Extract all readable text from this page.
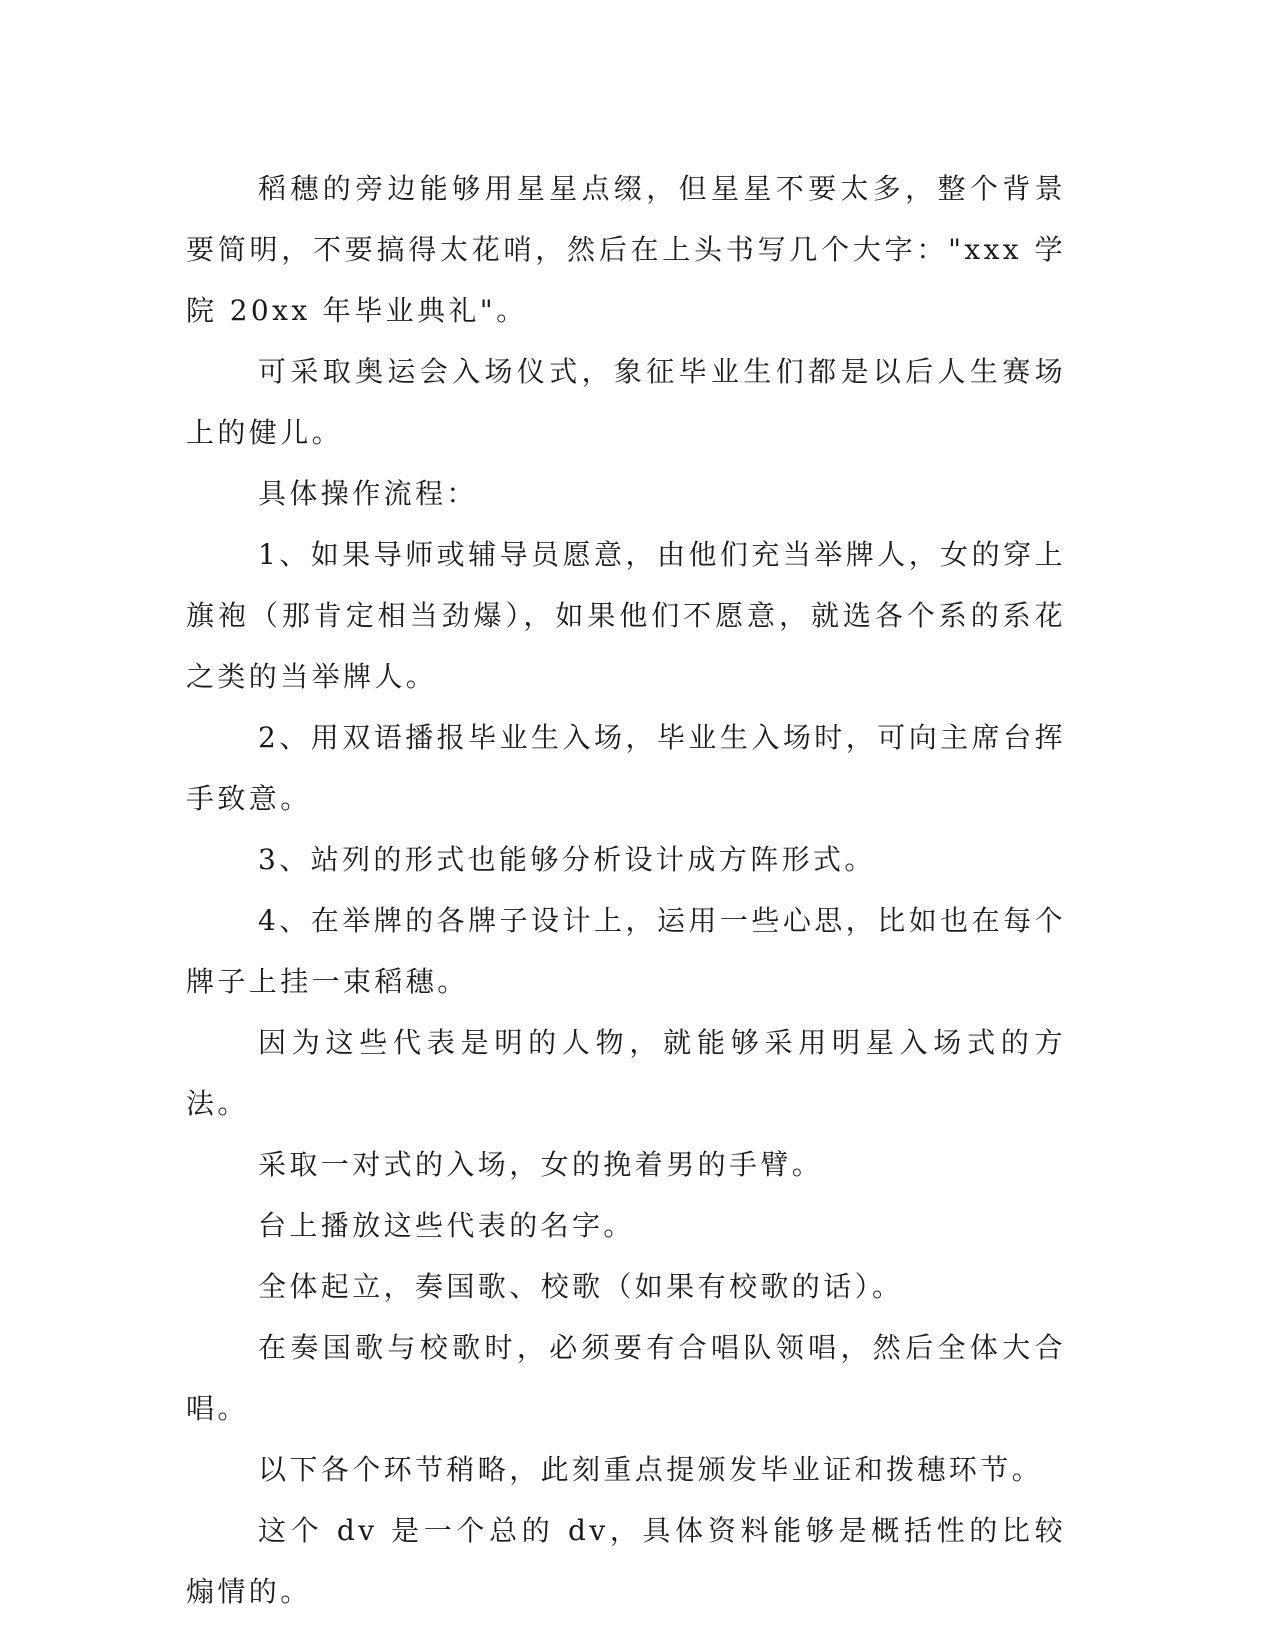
稻穗的旁边能够用星星点缀，但星星不要太多，整个背景要简明，不要搞得太花哨，然后在上头书写几个大字："xxx 学院 20xx 年毕业典礼"。

可采取奥运会入场仪式，象征毕业生们都是以后人生赛场上的健儿。

具体操作流程：

1、如果导师或辅导员愿意，由他们充当举牌人，女的穿上旗袍（那肯定相当劲爆），如果他们不愿意，就选各个系的系花之类的当举牌人。

2、用双语播报毕业生入场，毕业生入场时，可向主席台挥手致意。

3、站列的形式也能够分析设计成方阵形式。

4、在举牌的各牌子设计上，运用一些心思，比如也在每个牌子上挂一束稻穗。

因为这些代表是明的人物，就能够采用明星入场式的方法。

采取一对式的入场，女的挽着男的手臂。

台上播放这些代表的名字。

全体起立，奏国歌、校歌（如果有校歌的话）。

在奏国歌与校歌时，必须要有合唱队领唱，然后全体大合唱。

以下各个环节稍略，此刻重点提颁发毕业证和拨穗环节。

这个 dv 是一个总的 dv，具体资料能够是概括性的比较煽情的。
